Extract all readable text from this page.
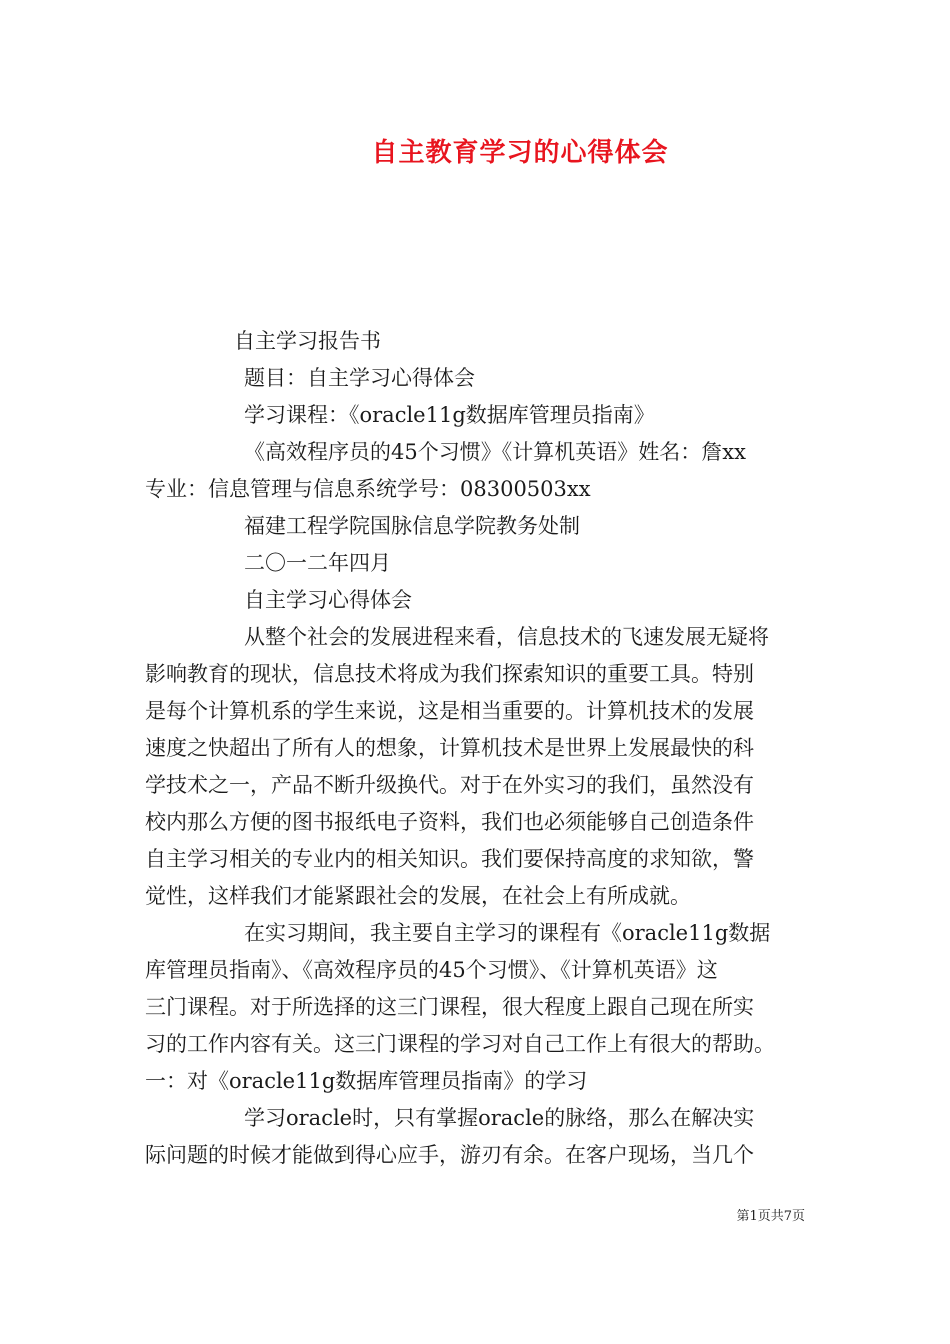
自主教育学习的心得体会
自主学习报告书
题目：自主学习心得体会
学习课程：《oracle11g数据库管理员指南》
《高效程序员的45个习惯》《计算机英语》姓名：詹xx
专业：信息管理与信息系统学号：08300503xx
福建工程学院国脉信息学院教务处制
二〇一二年四月
自主学习心得体会
从整个社会的发展进程来看，信息技术的飞速发展无疑将
影响教育的现状，信息技术将成为我们探索知识的重要工具。特别
是每个计算机系的学生来说，这是相当重要的。计算机技术的发展
速度之快超出了所有人的想象，计算机技术是世界上发展最快的科
学技术之一，产品不断升级换代。对于在外实习的我们，虽然没有
校内那么方便的图书报纸电子资料，我们也必须能够自己创造条件
自主学习相关的专业内的相关知识。我们要保持高度的求知欲，警
觉性，这样我们才能紧跟社会的发展，在社会上有所成就。
在实习期间，我主要自主学习的课程有《oracle11g数据
库管理员指南》、《高效程序员的45个习惯》、《计算机英语》这
三门课程。对于所选择的这三门课程，很大程度上跟自己现在所实
习的工作内容有关。这三门课程的学习对自己工作上有很大的帮助。
一：对《oracle11g数据库管理员指南》的学习
学习oracle时，只有掌握oracle的脉络，那么在解决实
际问题的时候才能做到得心应手，游刃有余。在客户现场，当几个
第1页共7页
